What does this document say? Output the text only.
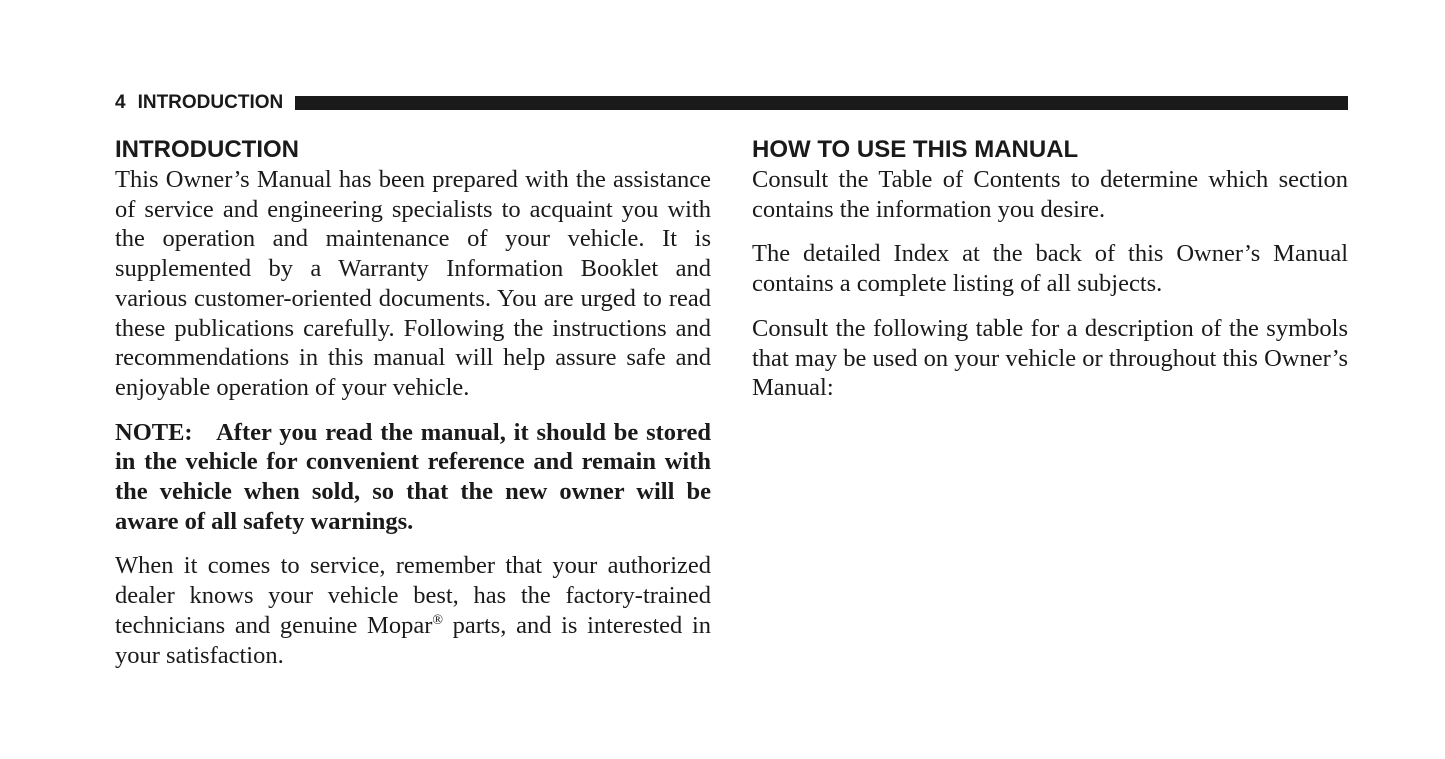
4 INTRODUCTION
INTRODUCTION

This Owner’s Manual has been prepared with the assistance of service and engineering specialists to acquaint you with the operation and maintenance of your vehicle. It is supplemented by a Warranty Information Booklet and various customer-oriented documents. You are urged to read these publications carefully. Following the instructions and recommendations in this manual will help assure safe and enjoyable operation of your vehicle.

NOTE:   After you read the manual, it should be stored in the vehicle for convenient reference and remain with the vehicle when sold, so that the new owner will be aware of all safety warnings.

When it comes to service, remember that your authorized dealer knows your vehicle best, has the factory-trained technicians and genuine Mopar® parts, and is interested in your satisfaction.

HOW TO USE THIS MANUAL

Consult the Table of Contents to determine which section contains the information you desire.

The detailed Index at the back of this Owner’s Manual contains a complete listing of all subjects.

Consult the following table for a description of the symbols that may be used on your vehicle or throughout this Owner’s Manual:
